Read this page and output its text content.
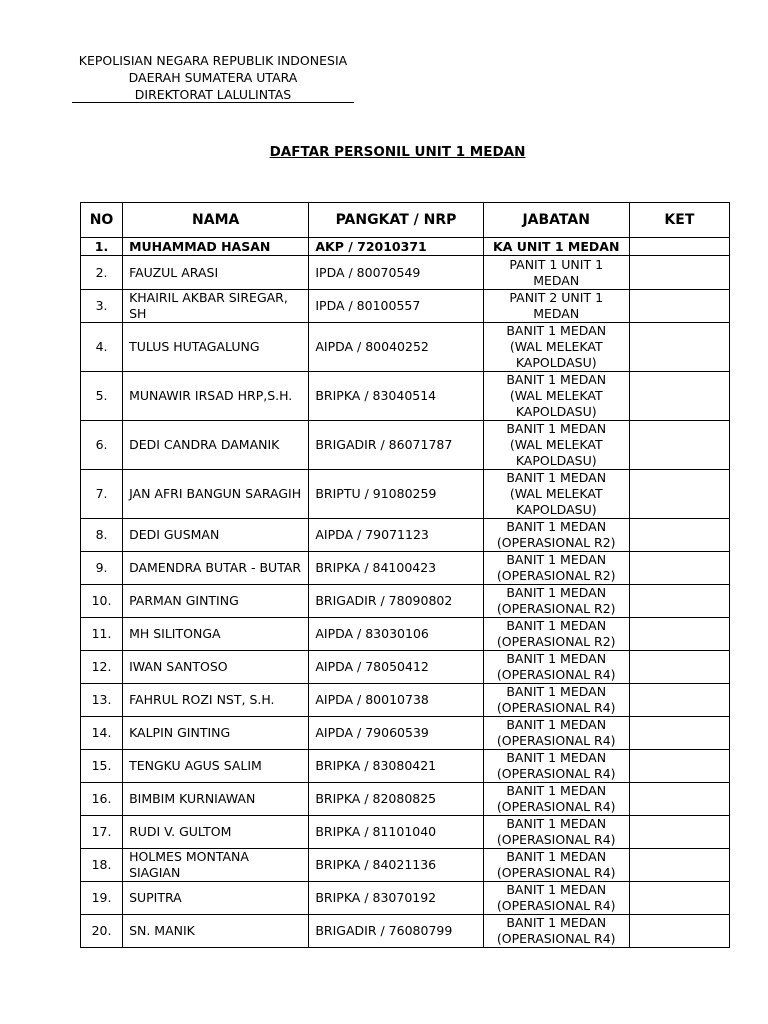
KEPOLISIAN NEGARA REPUBLIK INDONESIA
DAERAH SUMATERA UTARA
DIREKTORAT LALULINTAS
DAFTAR PERSONIL UNIT 1 MEDAN
NO	NAMA	PANGKAT / NRP	JABATAN	KET
1.	MUHAMMAD HASAN	AKP / 72010371	KA UNIT 1 MEDAN	
2.	FAUZUL ARASI	IPDA / 80070549	PANIT 1 UNIT 1
MEDAN	
3.	KHAIRIL AKBAR SIREGAR, SH	IPDA / 80100557	PANIT 2 UNIT 1
MEDAN	
4.	TULUS HUTAGALUNG	AIPDA / 80040252	BANIT 1 MEDAN
(WAL MELEKAT
KAPOLDASU)	
5.	MUNAWIR IRSAD HRP,S.H.	BRIPKA / 83040514	BANIT 1 MEDAN
(WAL MELEKAT
KAPOLDASU)	
6.	DEDI CANDRA DAMANIK	BRIGADIR / 86071787	BANIT 1 MEDAN
(WAL MELEKAT
KAPOLDASU)	
7.	JAN AFRI BANGUN SARAGIH	BRIPTU / 91080259	BANIT 1 MEDAN
(WAL MELEKAT
KAPOLDASU)	
8.	DEDI GUSMAN	AIPDA / 79071123	BANIT 1 MEDAN
(OPERASIONAL R2)	
9.	DAMENDRA BUTAR - BUTAR	BRIPKA / 84100423	BANIT 1 MEDAN
(OPERASIONAL R2)	
10.	PARMAN GINTING	BRIGADIR / 78090802	BANIT 1 MEDAN
(OPERASIONAL R2)	
11.	MH SILITONGA	AIPDA / 83030106	BANIT 1 MEDAN
(OPERASIONAL R2)	
12.	IWAN SANTOSO	AIPDA / 78050412	BANIT 1 MEDAN
(OPERASIONAL R4)	
13.	FAHRUL ROZI NST, S.H.	AIPDA / 80010738	BANIT 1 MEDAN
(OPERASIONAL R4)	
14.	KALPIN GINTING	AIPDA / 79060539	BANIT 1 MEDAN
(OPERASIONAL R4)	
15.	TENGKU AGUS SALIM	BRIPKA / 83080421	BANIT 1 MEDAN
(OPERASIONAL R4)	
16.	BIMBIM KURNIAWAN	BRIPKA / 82080825	BANIT 1 MEDAN
(OPERASIONAL R4)	
17.	RUDI V. GULTOM	BRIPKA / 81101040	BANIT 1 MEDAN
(OPERASIONAL R4)	
18.	HOLMES MONTANA SIAGIAN	BRIPKA / 84021136	BANIT 1 MEDAN
(OPERASIONAL R4)	
19.	SUPITRA	BRIPKA / 83070192	BANIT 1 MEDAN
(OPERASIONAL R4)	
20.	SN. MANIK	BRIGADIR / 76080799	BANIT 1 MEDAN
(OPERASIONAL R4)	
